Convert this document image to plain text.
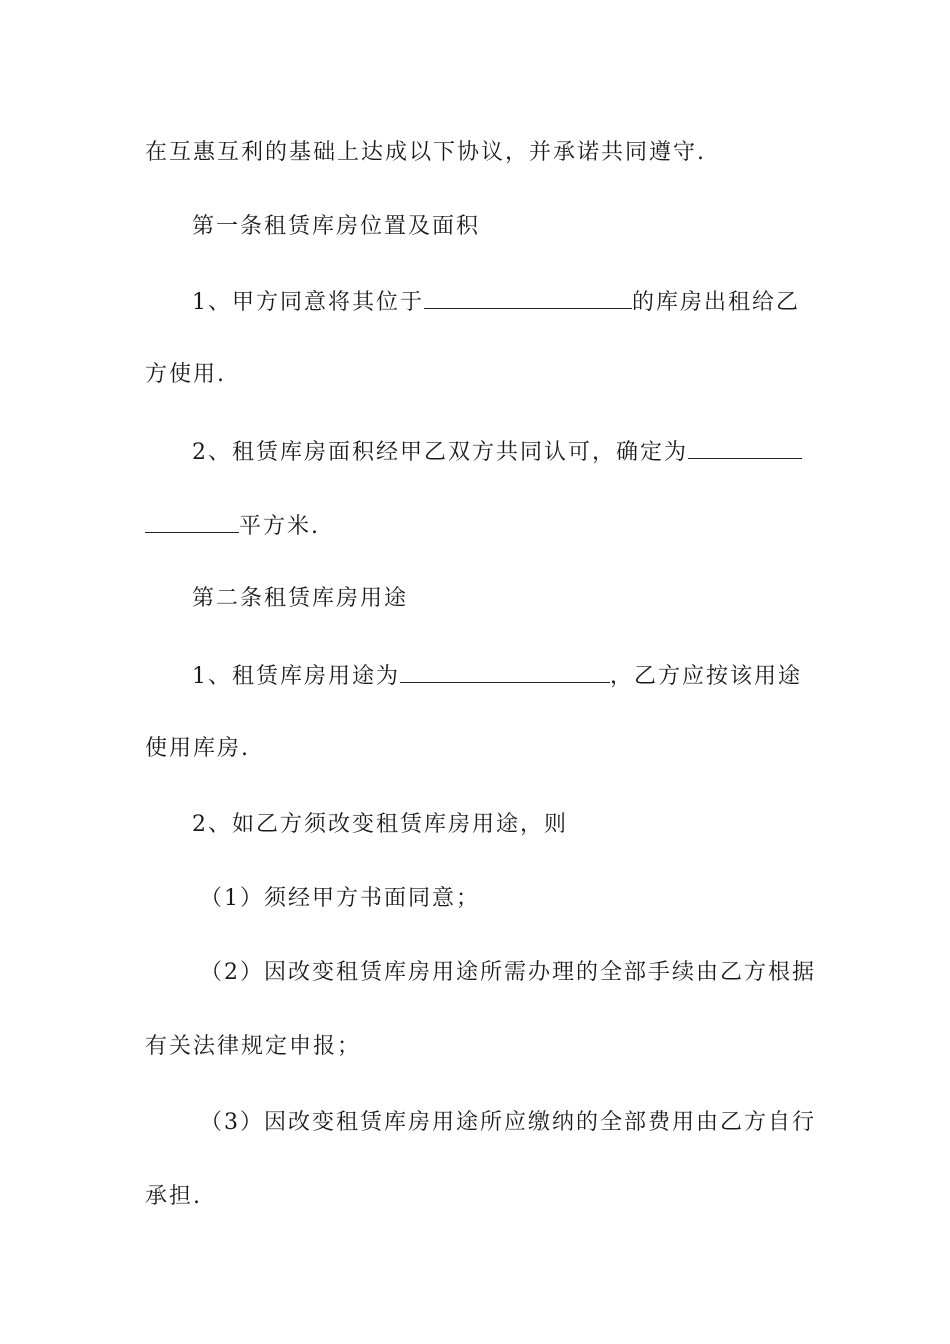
在互惠互利的基础上达成以下协议，并承诺共同遵守.
第一条租赁库房位置及面积
1、甲方同意将其位于	的库房出租给乙
方使用.
2、租赁库房面积经甲乙双方共同认可，确定为
平方米.
第二条租赁库房用途
1、租赁库房用途为	，乙方应按该用途
使用库房.
2、如乙方须改变租赁库房用途，则
（1）须经甲方书面同意；
（2）因改变租赁库房用途所需办理的全部手续由乙方根据
有关法律规定申报；
（3）因改变租赁库房用途所应缴纳的全部费用由乙方自行
承担.
